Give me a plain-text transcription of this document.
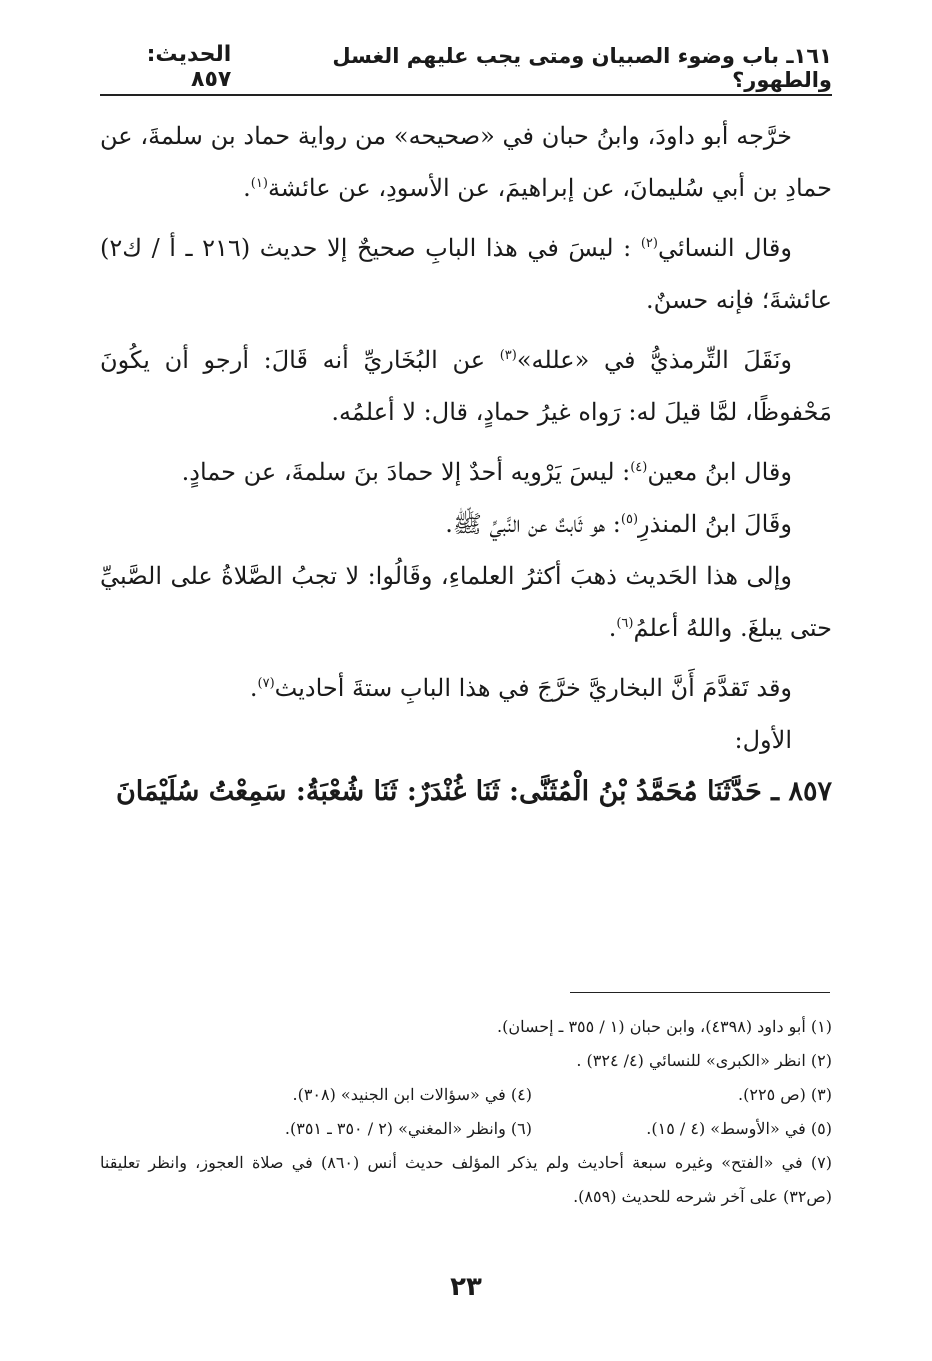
١٦١ـ باب وضوء الصبيان ومتى يجب عليهم الغسل والطهور؟
الحديث: ٨٥٧

خرَّجه أبو داودَ، وابنُ حبان في «صحيحه» من رواية حماد بن سلمةَ، عن حمادِ بن أبي سُليمانَ، عن إبراهيمَ، عن الأسودِ، عن عائشة$^{(١)}$.

وقال النسائي$^{(٢)}$ : ليسَ في هذا البابِ صحيحٌ إلا حديث (٢١٦ ـ أ / ك٢) عائشةَ؛ فإنه حسنٌ.

ونَقَلَ التِّرمذيُّ في «علله»$^{(٣)}$ عن البُخَاريِّ أنه قَالَ: أرجو أن يكُونَ مَحْفوظًا، لمَّا قيلَ له: رَواه غيرُ حمادٍ، قال: لا أعلمُه.

وقال ابنُ معين$^{(٤)}$: ليسَ يَرْويه أحدٌ إلا حمادَ بنَ سلمةَ، عن حمادٍ.

وقَالَ ابنُ المنذرِ$^{(٥)}$: هو ثَابتٌ عن النَّبيِّ ﷺ.

وإلى هذا الحَديث ذهبَ أكثرُ العلماءِ، وقَالُوا: لا تجبُ الصَّلاةُ على الصَّبيِّ حتى يبلغَ. واللهُ أعلمُ$^{(٦)}$.

وقد تَقدَّمَ أَنَّ البخاريَّ خرَّجَ في هذا البابِ ستةَ أحاديث$^{(٧)}$.

الأول:

٨٥٧ ـ حَدَّثَنَا مُحَمَّدُ بْنُ الْمُثَنَّى: ثَنَا غُنْدَرٌ: ثَنَا شُعْبَةُ: سَمِعْتُ سُلَيْمَانَ

(١) أبو داود (٤٣٩٨)، وابن حبان (١ / ٣٥٥ ـ إحسان).
(٢) انظر «الكبرى» للنسائي (٤/ ٣٢٤) .
(٣) (ص ٢٢٥).
(٤) في «سؤالات ابن الجنيد» (٣٠٨).
(٥) في «الأوسط» (٤ / ١٥).
(٦) وانظر «المغني» (٢ / ٣٥٠ ـ ٣٥١).
(٧) في «الفتح» وغيره سبعة أحاديث ولم يذكر المؤلف حديث أنس (٨٦٠) في صلاة العجوز، وانظر تعليقنا (ص٣٢) على آخر شرحه للحديث (٨٥٩).
٢٣
